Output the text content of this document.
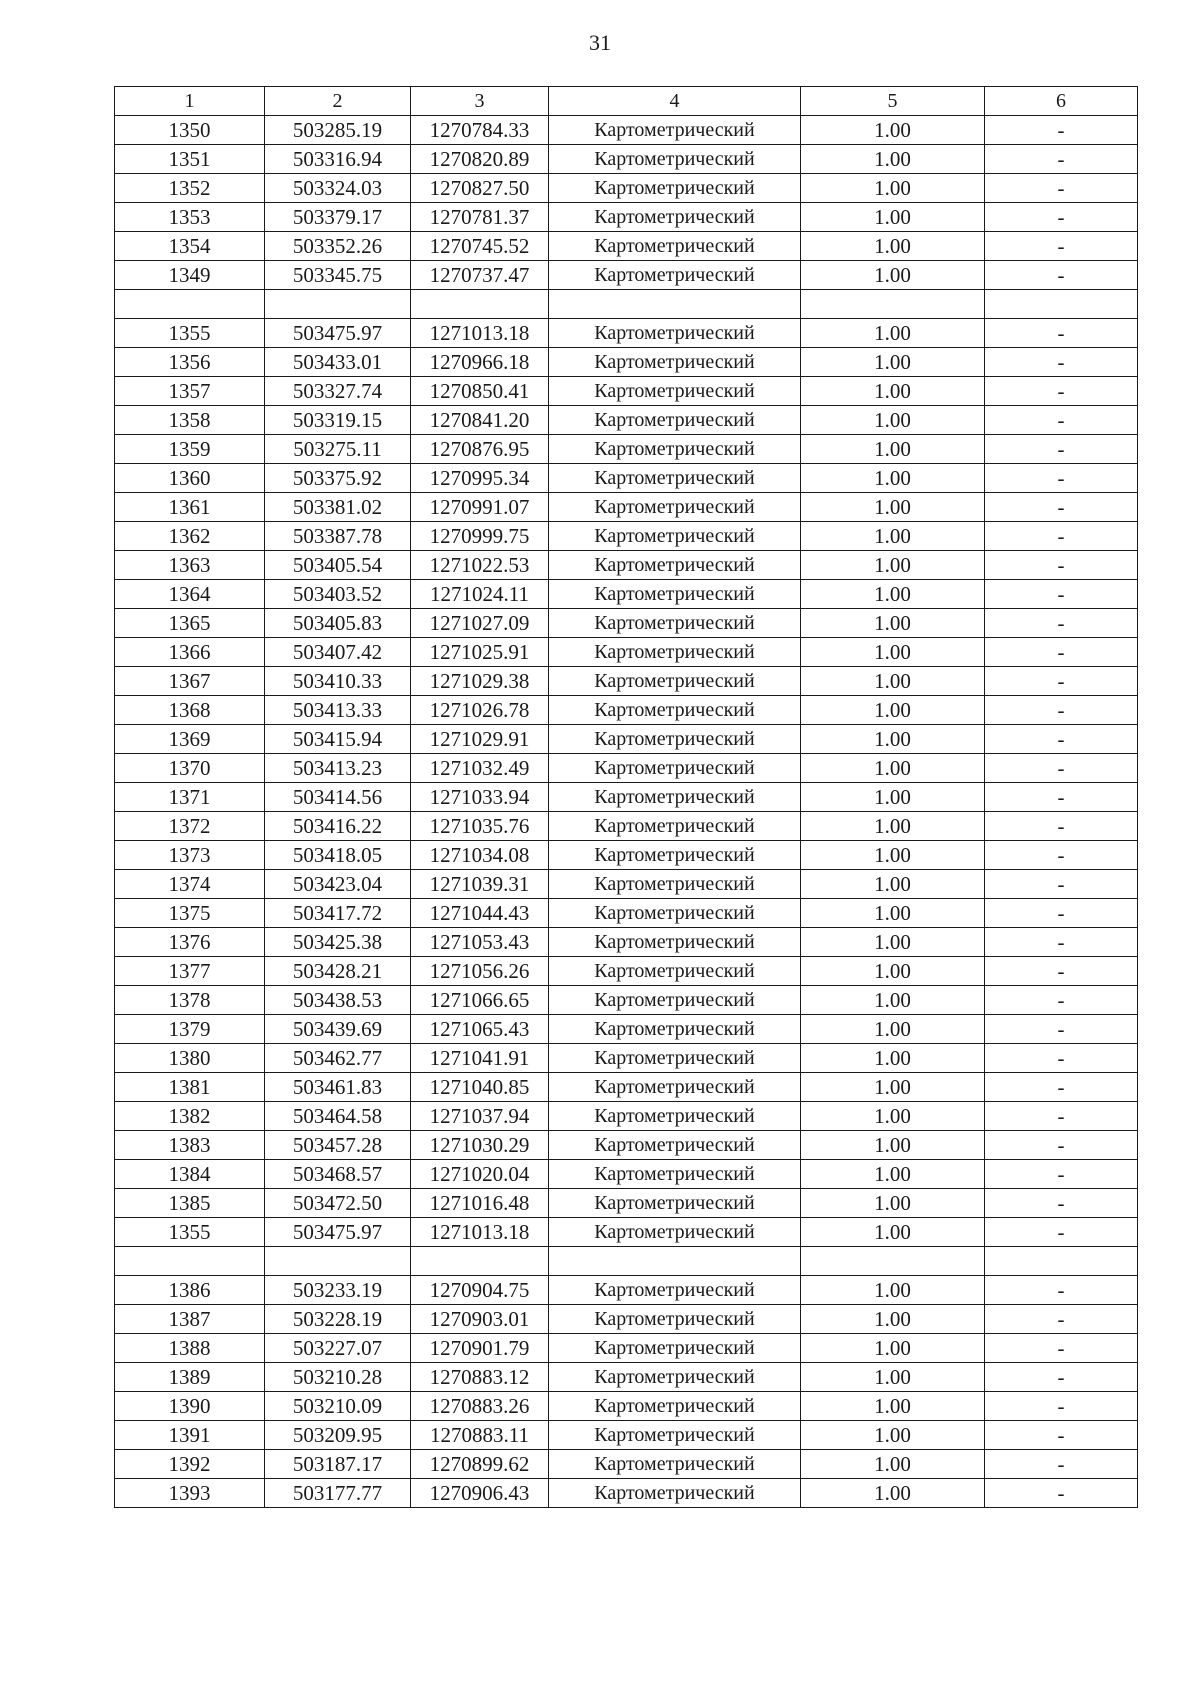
31
1	2	3	4	5	6
1350	503285.19	1270784.33	Картометрический	1.00	-
1351	503316.94	1270820.89	Картометрический	1.00	-
1352	503324.03	1270827.50	Картометрический	1.00	-
1353	503379.17	1270781.37	Картометрический	1.00	-
1354	503352.26	1270745.52	Картометрический	1.00	-
1349	503345.75	1270737.47	Картометрический	1.00	-

1355	503475.97	1271013.18	Картометрический	1.00	-
1356	503433.01	1270966.18	Картометрический	1.00	-
1357	503327.74	1270850.41	Картометрический	1.00	-
1358	503319.15	1270841.20	Картометрический	1.00	-
1359	503275.11	1270876.95	Картометрический	1.00	-
1360	503375.92	1270995.34	Картометрический	1.00	-
1361	503381.02	1270991.07	Картометрический	1.00	-
1362	503387.78	1270999.75	Картометрический	1.00	-
1363	503405.54	1271022.53	Картометрический	1.00	-
1364	503403.52	1271024.11	Картометрический	1.00	-
1365	503405.83	1271027.09	Картометрический	1.00	-
1366	503407.42	1271025.91	Картометрический	1.00	-
1367	503410.33	1271029.38	Картометрический	1.00	-
1368	503413.33	1271026.78	Картометрический	1.00	-
1369	503415.94	1271029.91	Картометрический	1.00	-
1370	503413.23	1271032.49	Картометрический	1.00	-
1371	503414.56	1271033.94	Картометрический	1.00	-
1372	503416.22	1271035.76	Картометрический	1.00	-
1373	503418.05	1271034.08	Картометрический	1.00	-
1374	503423.04	1271039.31	Картометрический	1.00	-
1375	503417.72	1271044.43	Картометрический	1.00	-
1376	503425.38	1271053.43	Картометрический	1.00	-
1377	503428.21	1271056.26	Картометрический	1.00	-
1378	503438.53	1271066.65	Картометрический	1.00	-
1379	503439.69	1271065.43	Картометрический	1.00	-
1380	503462.77	1271041.91	Картометрический	1.00	-
1381	503461.83	1271040.85	Картометрический	1.00	-
1382	503464.58	1271037.94	Картометрический	1.00	-
1383	503457.28	1271030.29	Картометрический	1.00	-
1384	503468.57	1271020.04	Картометрический	1.00	-
1385	503472.50	1271016.48	Картометрический	1.00	-
1355	503475.97	1271013.18	Картометрический	1.00	-

1386	503233.19	1270904.75	Картометрический	1.00	-
1387	503228.19	1270903.01	Картометрический	1.00	-
1388	503227.07	1270901.79	Картометрический	1.00	-
1389	503210.28	1270883.12	Картометрический	1.00	-
1390	503210.09	1270883.26	Картометрический	1.00	-
1391	503209.95	1270883.11	Картометрический	1.00	-
1392	503187.17	1270899.62	Картометрический	1.00	-
1393	503177.77	1270906.43	Картометрический	1.00	-
